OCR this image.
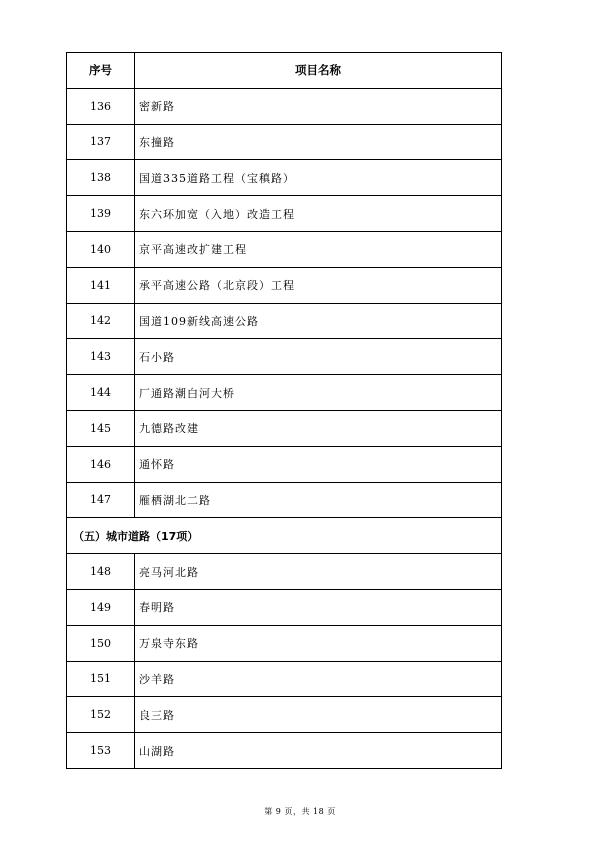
序号	项目名称
136	密新路
137	东撞路
138	国道335道路工程（宝稹路）
139	东六环加宽（入地）改造工程
140	京平高速改扩建工程
141	承平高速公路（北京段）工程
142	国道109新线高速公路
143	石小路
144	厂通路潮白河大桥
145	九德路改建
146	通怀路
147	雁栖湖北二路
（五）城市道路（17项）	
148	亮马河北路
149	春明路
150	万泉寺东路
151	沙羊路
152	良三路
153	山湖路
第 9 页，共 18 页
